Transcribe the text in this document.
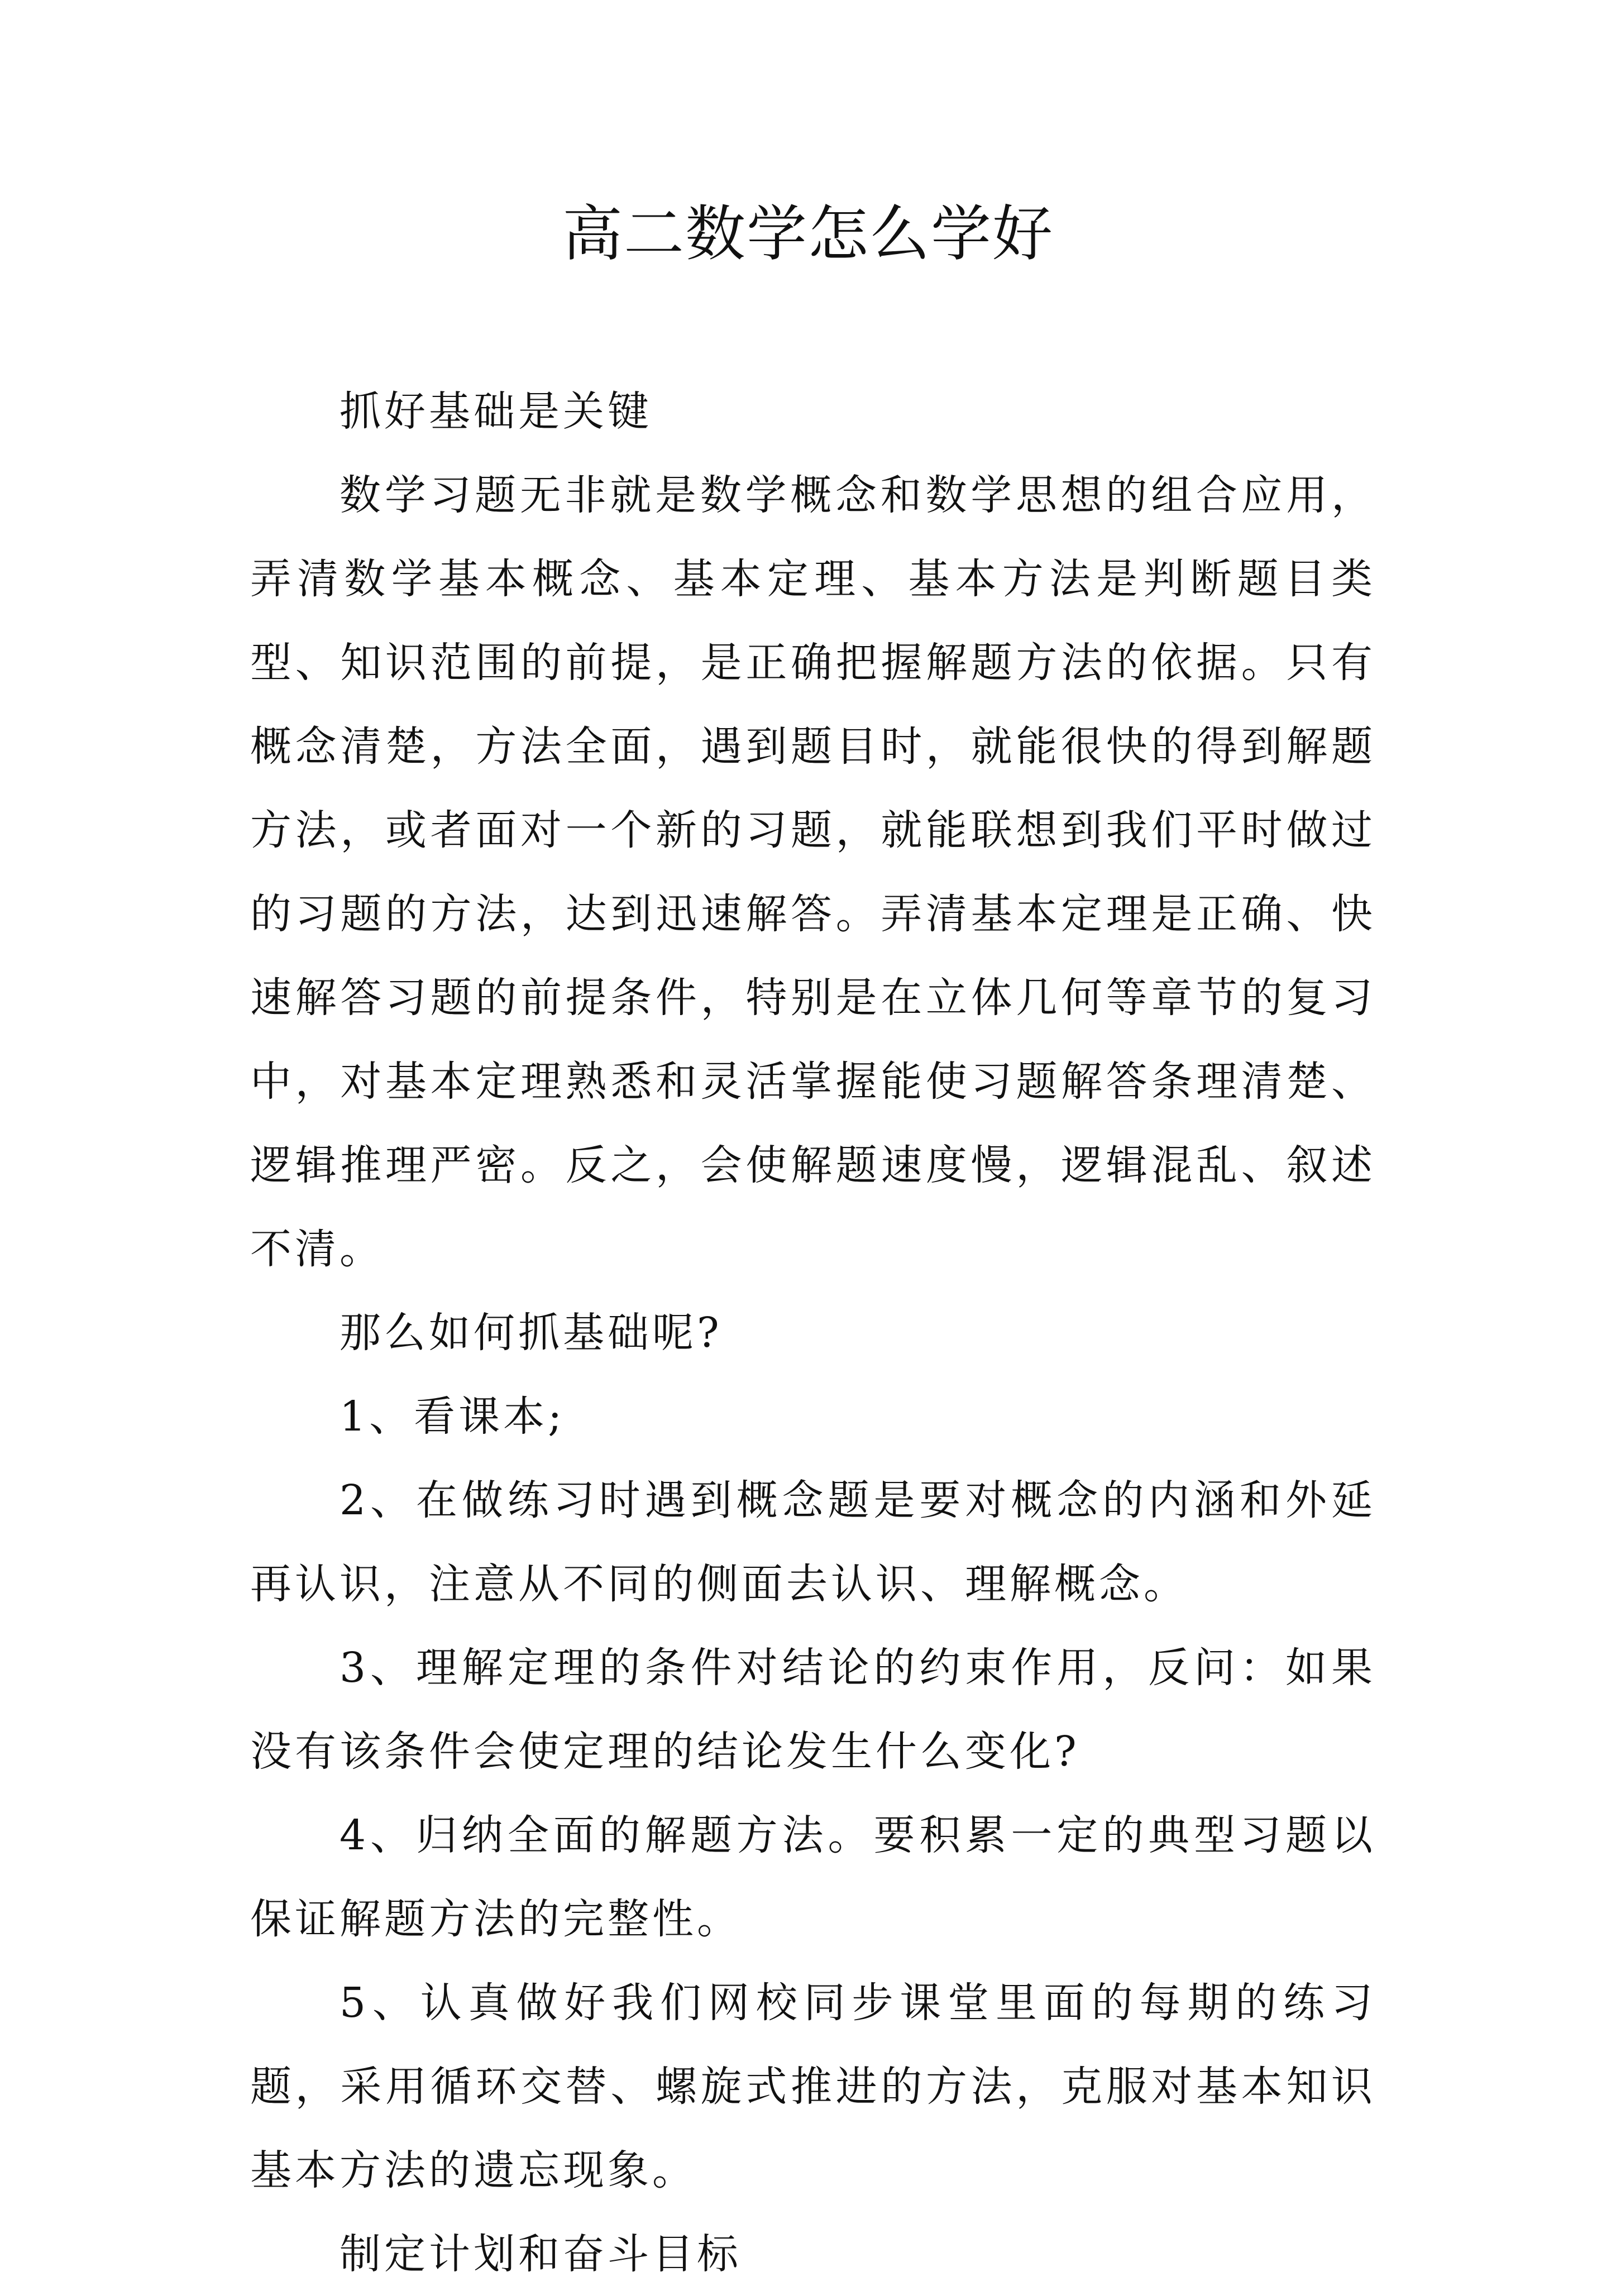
高二数学怎么学好

抓好基础是关键

数学习题无非就是数学概念和数学思想的组合应用，弄清数学基本概念、基本定理、基本方法是判断题目类型、知识范围的前提，是正确把握解题方法的依据。只有概念清楚，方法全面，遇到题目时，就能很快的得到解题方法，或者面对一个新的习题，就能联想到我们平时做过的习题的方法，达到迅速解答。弄清基本定理是正确、快速解答习题的前提条件，特别是在立体几何等章节的复习中，对基本定理熟悉和灵活掌握能使习题解答条理清楚、逻辑推理严密。反之，会使解题速度慢，逻辑混乱、叙述不清。

那么如何抓基础呢?

1、看课本;

2、在做练习时遇到概念题是要对概念的内涵和外延再认识，注意从不同的侧面去认识、理解概念。

3、理解定理的条件对结论的约束作用，反问：如果没有该条件会使定理的结论发生什么变化?

4、归纳全面的解题方法。要积累一定的典型习题以保证解题方法的完整性。

5、认真做好我们网校同步课堂里面的每期的练习题，采用循环交替、螺旋式推进的方法，克服对基本知识基本方法的遗忘现象。

制定计划和奋斗目标
